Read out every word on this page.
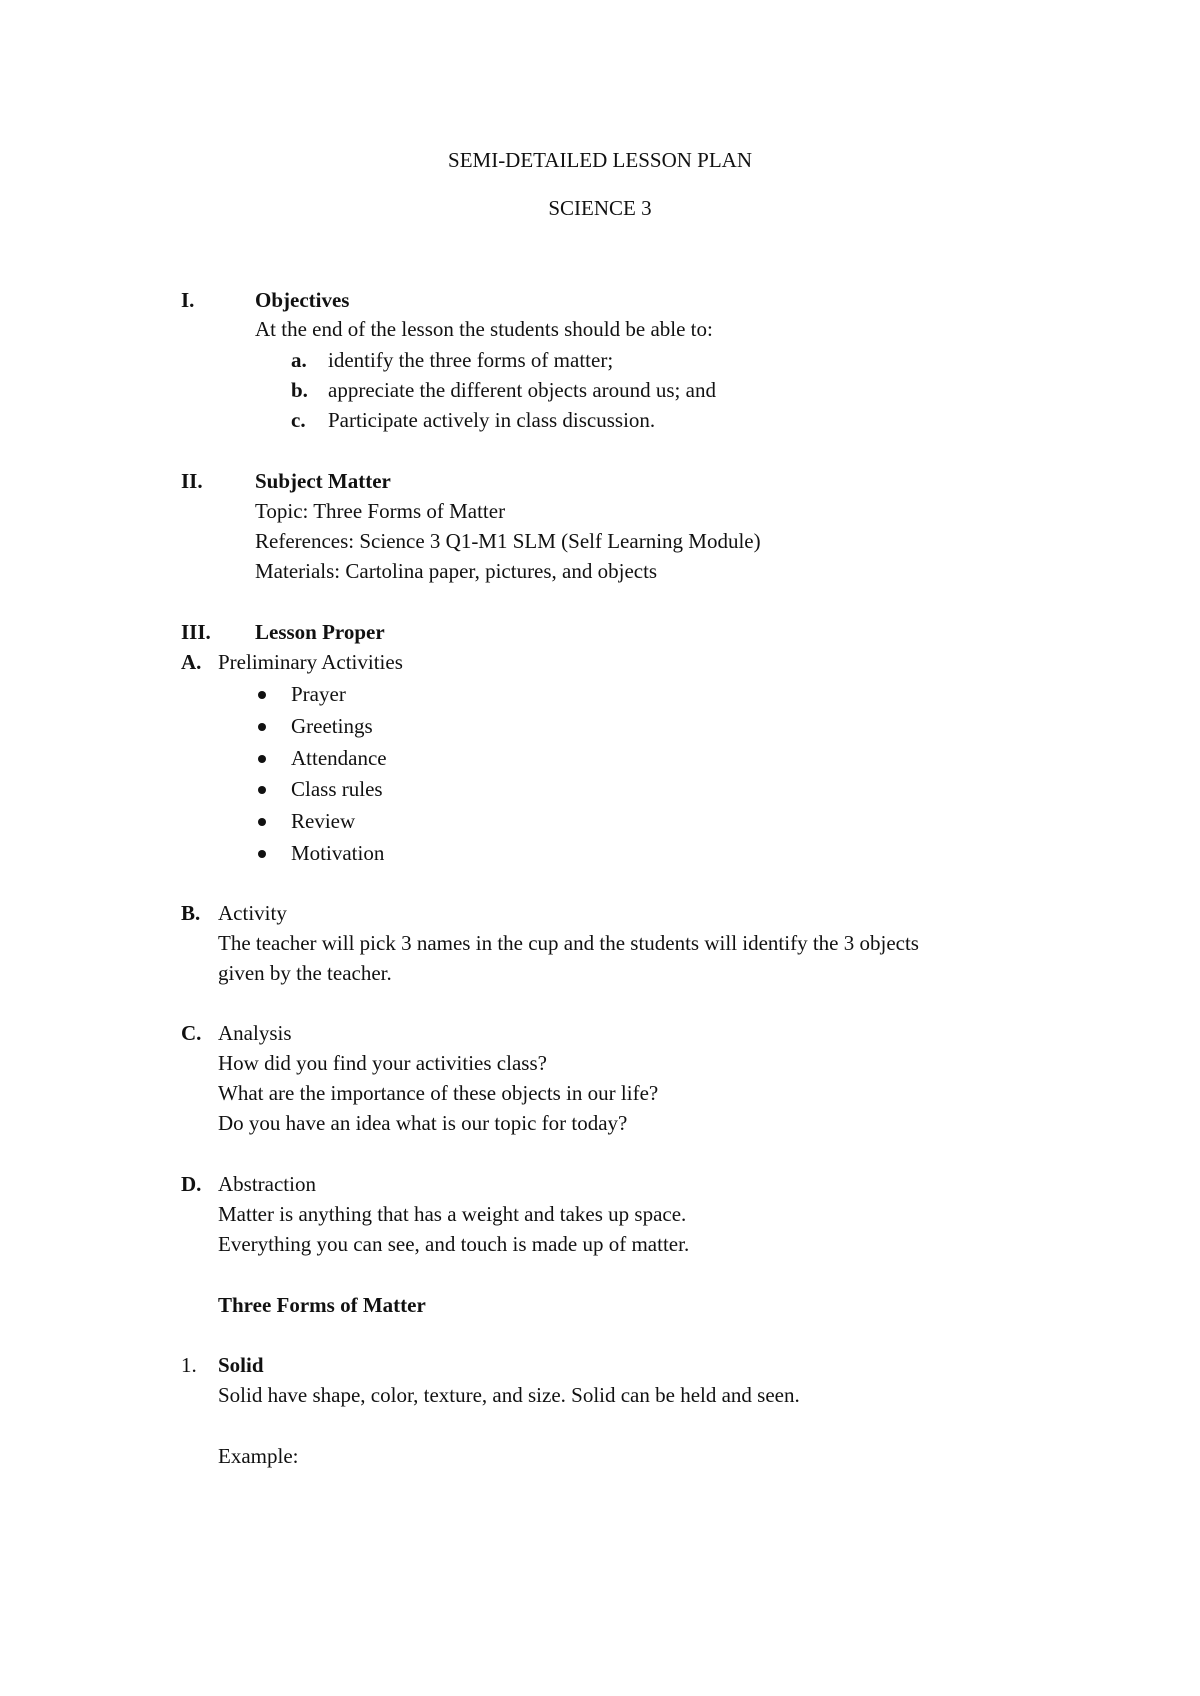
SEMI-DETAILED LESSON PLAN
SCIENCE 3
I.	Objectives
At the end of the lesson the students should be able to:
a. identify the three forms of matter;
b. appreciate the different objects around us; and
c. Participate actively in class discussion.
II. Subject Matter
Topic: Three Forms of Matter
References: Science 3 Q1-M1 SLM (Self Learning Module)
Materials: Cartolina paper, pictures, and objects
III. Lesson Proper
A. Preliminary Activities
Prayer
Greetings
Attendance
Class rules
Review
Motivation
B. Activity
The teacher will pick 3 names in the cup and the students will identify the 3 objects
given by the teacher.
C. Analysis
How did you find your activities class?
What are the importance of these objects in our life?
Do you have an idea what is our topic for today?
D. Abstraction
Matter is anything that has a weight and takes up space.
Everything you can see, and touch is made up of matter.
Three Forms of Matter
1. Solid
Solid have shape, color, texture, and size. Solid can be held and seen.
Example:
